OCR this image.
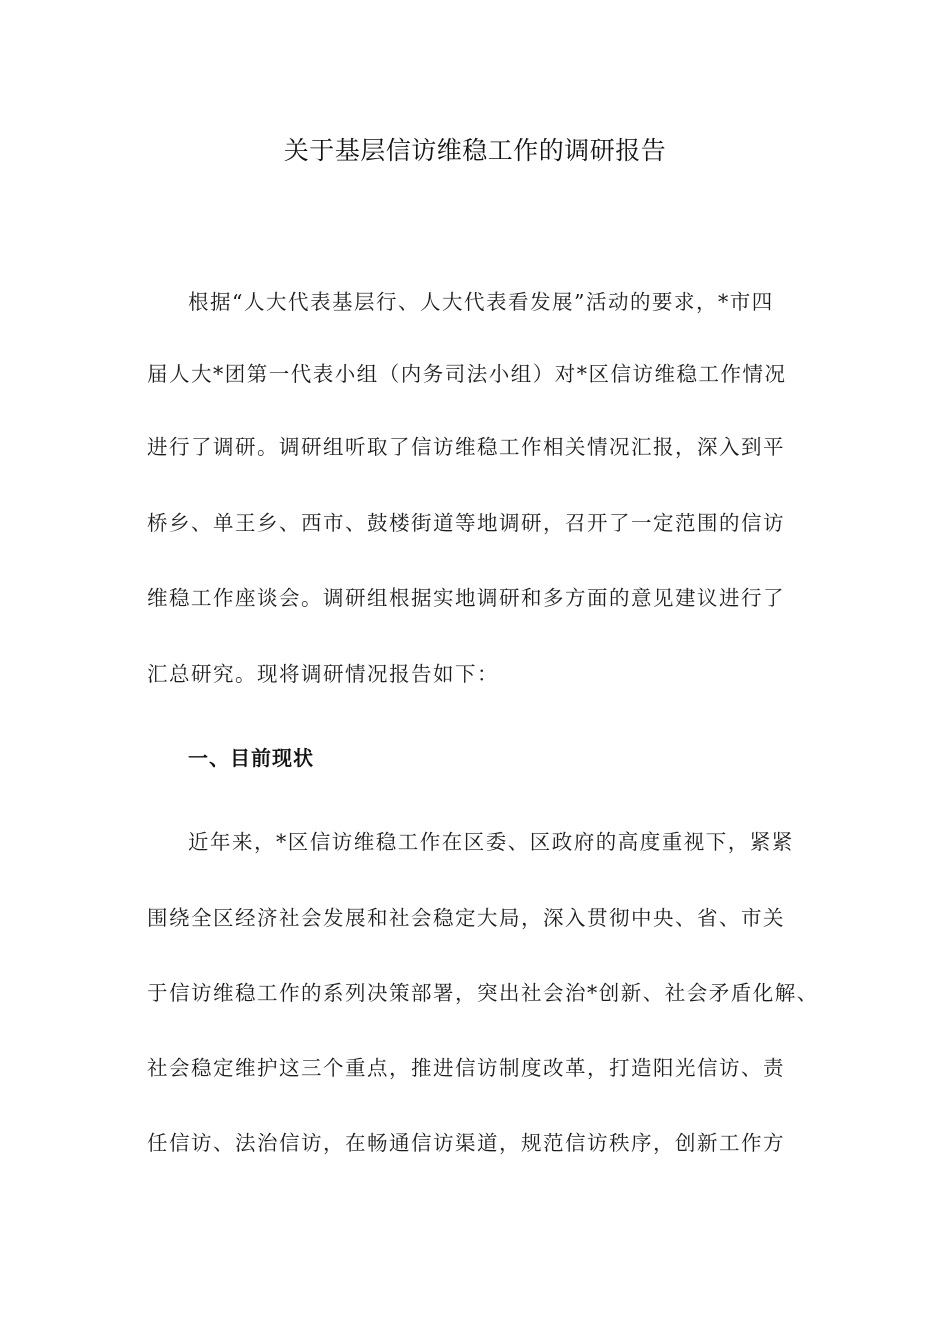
关于基层信访维稳工作的调研报告
根据“人大代表基层行、人大代表看发展”活动的要求，*市四
届人大*团第一代表小组（内务司法小组）对*区信访维稳工作情况
进行了调研。调研组听取了信访维稳工作相关情况汇报，深入到平
桥乡、单王乡、西市、鼓楼街道等地调研，召开了一定范围的信访
维稳工作座谈会。调研组根据实地调研和多方面的意见建议进行了
汇总研究。现将调研情况报告如下：
一、目前现状
近年来，*区信访维稳工作在区委、区政府的高度重视下，紧紧
围绕全区经济社会发展和社会稳定大局，深入贯彻中央、省、市关
于信访维稳工作的系列决策部署，突出社会治*创新、社会矛盾化解、
社会稳定维护这三个重点，推进信访制度改革，打造阳光信访、责
任信访、法治信访，在畅通信访渠道，规范信访秩序，创新工作方
